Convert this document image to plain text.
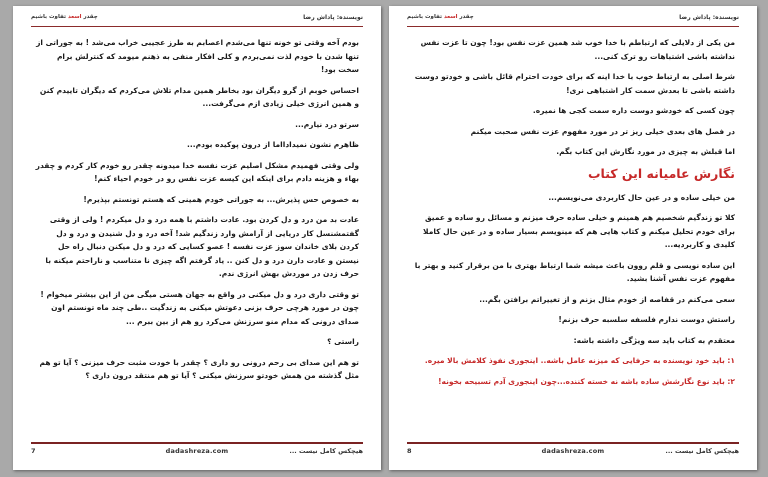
نویسنده: پاداش رضا
چقدر اسعد تفاوت باشیم

بودم آخه وقتی تو خونه تنها می‌شدم اعصابم به طرز عجیبی خراب می‌شد ! به جوراتی از تنها شدن با خودم لذت نمی‌بردم و کلی افکار منفی به ذهنم میومد که کنترلش برام سخت بود!

احساس خوبم از گرو دیگران بود بخاطر همین مدام تلاش می‌کردم که دیگران تاییدم کنن و همین انرژی خیلی زیادی ازم می‌گرفت...

سرتو درد نیارم...

ظاهرم نشون نمیدادااما از درون پوکیده بودم...

ولی وقتی فهمیدم مشکل اصلیم عزت نفسه خدا میدونه چقدر رو خودم کار کردم و چقدر بهاء و هزینه دادم برای اینکه این کیسه عزت نفس رو در خودم احیاء کنم!

به خصوص حس پذیرش... به جوراتی خودم همینی که هستم تونستم بپذیرم!

عادت بد من درد و دل کردن بود. عادت داشتم با همه درد و دل میکردم ! ولی از وقتی گفتمشنسل کار دریایی از آرامش وارد زندگیم شد! آخه درد و دل شنیدن و درد و دل کردن بلای خاندان سوز عزت نفسه ! عصو کسایی که درد و دل میکنن دنبال راه حل نیستن و عادت دارن درد و دل کنن .. یاد گرفتم اگه چیزی نا متناسب و ناراحتم میکنه با حرف زدن در موردش بهش انرژی ندم.

تو وقتی داری درد و دل میکنی در واقع به جهان هستی میگی من از این بیشتر میخوام ! چون در مورد هرچی حرف بزنی دعوتش میکنی به زندگیت ..طی چند ماه تونستم اون صدای درونی که مدام منو سرزنش می‌کرد رو هم از بین ببرم ...

راستی ؟

تو هم این صدای بی رحم درونی رو داری ؟ چقدر با خودت مثبت حرف میزنی ؟ آیا تو هم مثل گذشته من همش خودتو سرزنش میکنی ؟ آیا تو هم منتقد درون داری ؟

7	dadashreza.com	هیچکس کامل نیست ...
نویسنده: پاداش رضا
چقدر اسعد تفاوت باشیم

من یکی از دلایلی که ارتباطم با خدا خوب شد همین عزت نفس بود! چون تا عزت نفس نداشته باشی اشتباهات رو ترک کنی...

شرط اصلی به ارتباط خوب با خدا اینه که برای خودت احترام قائل باشی و خودتو دوست داشته باشی تا بعدش سمت کار اشتباهی نری!

چون کسی که خودشو دوست داره سمت کجی ها نمیره.

در فصل های بعدی خیلی ریز تر در مورد مفهوم عزت نفس صحبت میکنم

اما قبلش به چیزی در مورد نگارش این کتاب بگم.

نگارش عامیانه این کتاب

من خیلی ساده و در عین حال کاربردی می‌نویسم...

کلا تو زندگیم شخصیم هم همینم و خیلی ساده حرف میزنم و مسائل رو ساده و عمیق برای خودم تحلیل میکنم و کتاب هایی هم که مینویسم بسیار ساده و در عین حال کاملا کلیدی و کاربردیه...

این ساده نویسی و قلم روون باعث میشه شما ارتباط بهتری با من برقرار کنید و بهتر با مفهوم عزت نفس آشنا بشید.

سعی می‌کنم در قفاصه از خودم مثال بزنم و از تغییراتم برافتن بگم...

راستش دوست ندارم فلسفه سلسبه حرف بزنم!

معتقدم به کتاب باید سه ویژگی داشته باشه:

۱: باید خود نویسنده به حرفایی که میزنه عامل باشه.. اینجوری نفوذ کلامش بالا میره.

۲: باید نوع نگارشش ساده باشه نه خسته کننده...چون اینجوری آدم تسبیحه بخونه!

8	dadashreza.com	هیچکس کامل نیست ...
